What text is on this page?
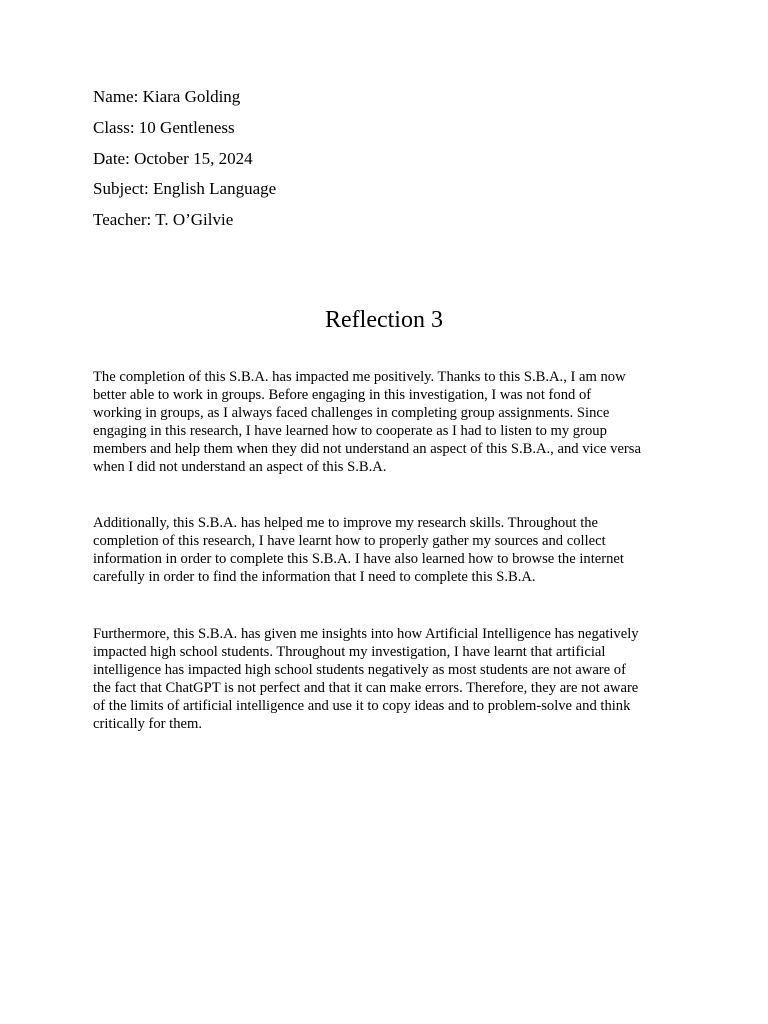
Name: Kiara Golding
Class: 10 Gentleness
Date: October 15, 2024
Subject: English Language
Teacher: T. O’Gilvie
Reflection 3

The completion of this S.B.A. has impacted me positively. Thanks to this S.B.A., I am now
better able to work in groups. Before engaging in this investigation, I was not fond of
working in groups, as I always faced challenges in completing group assignments. Since
engaging in this research, I have learned how to cooperate as I had to listen to my group
members and help them when they did not understand an aspect of this S.B.A., and vice versa
when I did not understand an aspect of this S.B.A.

Additionally, this S.B.A. has helped me to improve my research skills. Throughout the
completion of this research, I have learnt how to properly gather my sources and collect
information in order to complete this S.B.A. I have also learned how to browse the internet
carefully in order to find the information that I need to complete this S.B.A.

Furthermore, this S.B.A. has given me insights into how Artificial Intelligence has negatively
impacted high school students. Throughout my investigation, I have learnt that artificial
intelligence has impacted high school students negatively as most students are not aware of
the fact that ChatGPT is not perfect and that it can make errors. Therefore, they are not aware
of the limits of artificial intelligence and use it to copy ideas and to problem-solve and think
critically for them.
